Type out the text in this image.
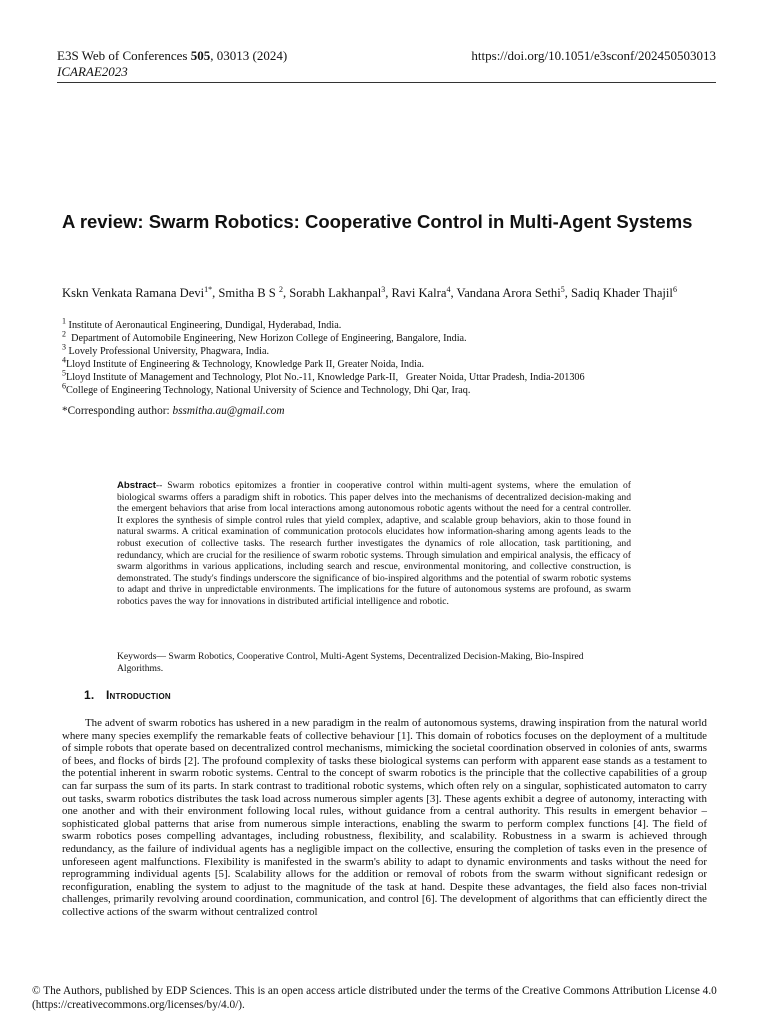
E3S Web of Conferences 505, 03013 (2024)	https://doi.org/10.1051/e3sconf/202450503013
ICARAE2023
A review: Swarm Robotics: Cooperative Control in Multi-Agent Systems
Kskn Venkata Ramana Devi$^{1*}$, Smitha B S $^2$, Sorabh Lakhanpal$^3$, Ravi Kalra$^4$, Vandana Arora Sethi$^5$, Sadiq Khader Thajil$^6$
$^1$ Institute of Aeronautical Engineering, Dundigal, Hyderabad, India.
$^2$  Department of Automobile Engineering, New Horizon College of Engineering, Bangalore, India.
$^3$ Lovely Professional University, Phagwara, India.
$^4$Lloyd Institute of Engineering & Technology, Knowledge Park II, Greater Noida, India.
$^5$Lloyd Institute of Management and Technology, Plot No.-11, Knowledge Park-II,   Greater Noida, Uttar Pradesh, India-201306
$^6$College of Engineering Technology, National University of Science and Technology, Dhi Qar, Iraq.
*Corresponding author: bssmitha.au@gmail.com
Abstract-- Swarm robotics epitomizes a frontier in cooperative control within multi-agent systems, where the emulation of biological swarms offers a paradigm shift in robotics. This paper delves into the mechanisms of decentralized decision-making and the emergent behaviors that arise from local interactions among autonomous robotic agents without the need for a central controller. It explores the synthesis of simple control rules that yield complex, adaptive, and scalable group behaviors, akin to those found in natural swarms. A critical examination of communication protocols elucidates how information-sharing among agents leads to the robust execution of collective tasks. The research further investigates the dynamics of role allocation, task partitioning, and redundancy, which are crucial for the resilience of swarm robotic systems. Through simulation and empirical analysis, the efficacy of swarm algorithms in various applications, including search and rescue, environmental monitoring, and collective construction, is demonstrated. The study's findings underscore the significance of bio-inspired algorithms and the potential of swarm robotic systems to adapt and thrive in unpredictable environments. The implications for the future of autonomous systems are profound, as swarm robotics paves the way for innovations in distributed artificial intelligence and robotic.
Keywords— Swarm Robotics, Cooperative Control, Multi-Agent Systems, Decentralized Decision-Making, Bio-Inspired Algorithms.
1. Introduction
The advent of swarm robotics has ushered in a new paradigm in the realm of autonomous systems, drawing inspiration from the natural world where many species exemplify the remarkable feats of collective behaviour [1]. This domain of robotics focuses on the deployment of a multitude of simple robots that operate based on decentralized control mechanisms, mimicking the societal coordination observed in colonies of ants, swarms of bees, and flocks of birds [2]. The profound complexity of tasks these biological systems can perform with apparent ease stands as a testament to the potential inherent in swarm robotic systems. Central to the concept of swarm robotics is the principle that the collective capabilities of a group can far surpass the sum of its parts. In stark contrast to traditional robotic systems, which often rely on a singular, sophisticated automaton to carry out tasks, swarm robotics distributes the task load across numerous simpler agents [3]. These agents exhibit a degree of autonomy, interacting with one another and with their environment following local rules, without guidance from a central authority. This results in emergent behavior – sophisticated global patterns that arise from numerous simple interactions, enabling the swarm to perform complex functions [4]. The field of swarm robotics poses compelling advantages, including robustness, flexibility, and scalability. Robustness in a swarm is achieved through redundancy, as the failure of individual agents has a negligible impact on the collective, ensuring the completion of tasks even in the presence of unforeseen agent malfunctions. Flexibility is manifested in the swarm's ability to adapt to dynamic environments and tasks without the need for reprogramming individual agents [5]. Scalability allows for the addition or removal of robots from the swarm without significant redesign or reconfiguration, enabling the system to adjust to the magnitude of the task at hand. Despite these advantages, the field also faces non-trivial challenges, primarily revolving around coordination, communication, and control [6]. The development of algorithms that can efficiently direct the collective actions of the swarm without centralized control
© The Authors, published by EDP Sciences. This is an open access article distributed under the terms of the Creative Commons Attribution License 4.0 (https://creativecommons.org/licenses/by/4.0/).
